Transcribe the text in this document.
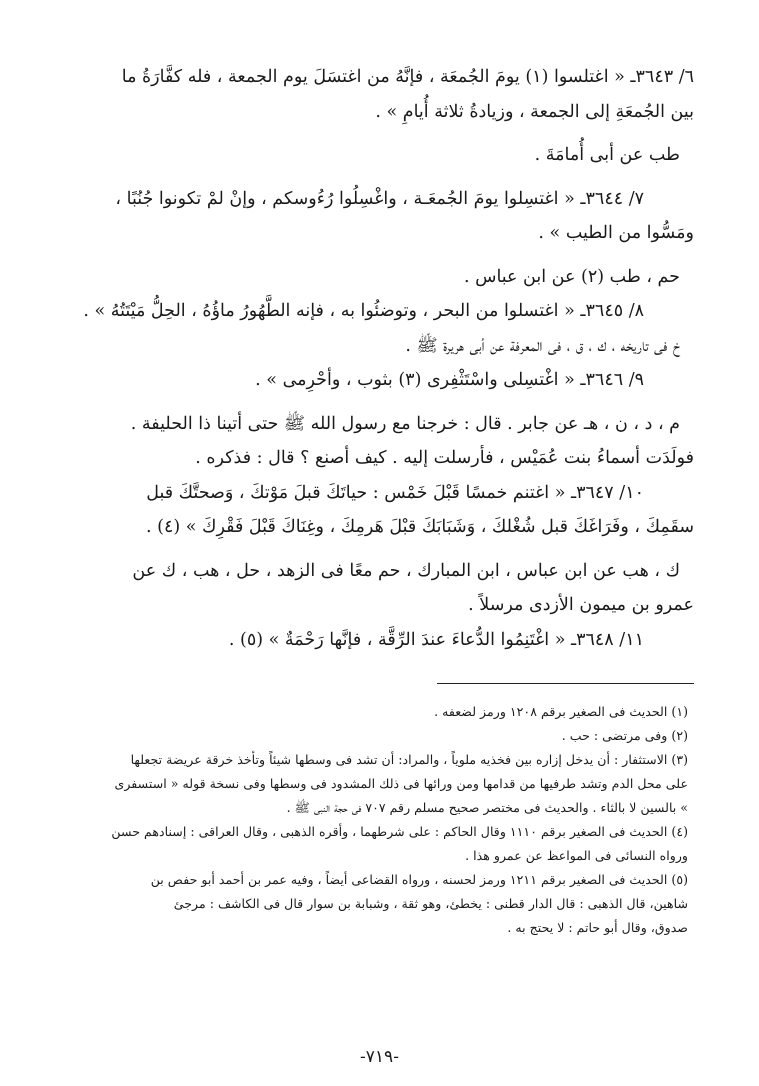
٦/ ٣٦٤٣ـ « اغتلسوا (١) يومَ الجُمعَة ، فإنَّهُ من اغتسَلَ يوم الجمعة ، فله كفَّارَةُ ما

بين الجُمعَةِ إلى الجمعة ، وزيادةُ ثلاثة أُيامِ » .

طب عن أبى أُمامَةَ .

٧/ ٣٦٤٤ـ « اغتسِلوا يومَ الجُمعَـة ، واغْسِلُوا رُءُوسكم ، وإنْ لمْ تكونوا جُنُبًا ،

ومَسُّوا من الطيب » .

حم ، طب (٢) عن ابن عباس .

٨/ ٣٦٤٥ـ « اغتسلوا من البحر ، وتوضئُوا به ، فإنه الطَّهُورُ ماؤُهُ ، الحِلُّ مَيْتَتُهُ » .

خ فى تاريخه ، ك ، ق ، فى المعرفة عن أبى هريرة ﷺ .

٩/ ٣٦٤٦ـ « اغْتسِلى واسْتَثْفِرى (٣) بثوب ، وأحْرِمى » .

م ، د ، ن ، هـ عن جابر . قال : خرجنا مع رسول الله ﷺ حتى أتينا ذا الحليفة .

فولَدَت أسماءُ بنت عُمَيْس ، فأرسلت إليه . كيف أصنع ؟ قال : فذكره .

١٠/ ٣٦٤٧ـ « اغتنم خمسًا قَبْلَ خَمْس : حياتَكَ قبلَ مَوْتكَ ، وَصحتَّكَ قبل

سقَمِكَ ، وفَرَاغَكَ قبل شُغْلكَ ، وَشَبَابَكَ قبْلَ هَرمِكَ ، وغِنَاكَ قَبْلَ فَقْرِكَ » (٤) .

ك ، هب عن ابن عباس ، ابن المبارك ، حم معًا فى الزهد ، حل ، هب ، ك عن

عمرو بن ميمون الأزدى مرسلاً .

١١/ ٣٦٤٨ـ « اغْتَنِمُوا الدُّعاءَ عندَ الرِّقَّة ، فإنَّها رَحْمَةٌ » (٥) .

(١) الحديث فى الصغير برقم ١٢٠٨ ورمز لضعفه .

(٢) وفى مرتضى : حب .

(٣) الاستثفار : أن يدخل إزاره بين فخذيه ملوياً ، والمراد: أن تشد فى وسطها شيئاً وتأخذ خرقة عريضة تجعلها

على محل الدم وتشد طرفيها من قدامها ومن ورائها فى ذلك المشدود فى وسطها وفى نسخة قوله « استسفرى

» بالسين لا بالثاء . والحديث فى مختصر صحيح مسلم رقم ٧٠٧ فى حجة النبى ﷺ .

(٤) الحديث فى الصغير برقم ١١١٠ وقال الحاكم : على شرطهما ، وأقره الذهبى ، وقال العراقى : إسنادهم حسن

ورواه النسائى فى المواعظ عن عمرو هذا .

(٥) الحديث فى الصغير برقم ١٢١١ ورمز لحسنه ، ورواه القضاعى أيضاً ، وفيه عمر بن أحمد أبو حفص بن

شاهين، قال الذهبى : قال الدار قطنى : يخطئ، وهو ثقة ، وشبابة بن سوار قال فى الكاشف : مرجئ

صدوق، وقال أبو حاتم : لا يحتج به .

-٧١٩-
